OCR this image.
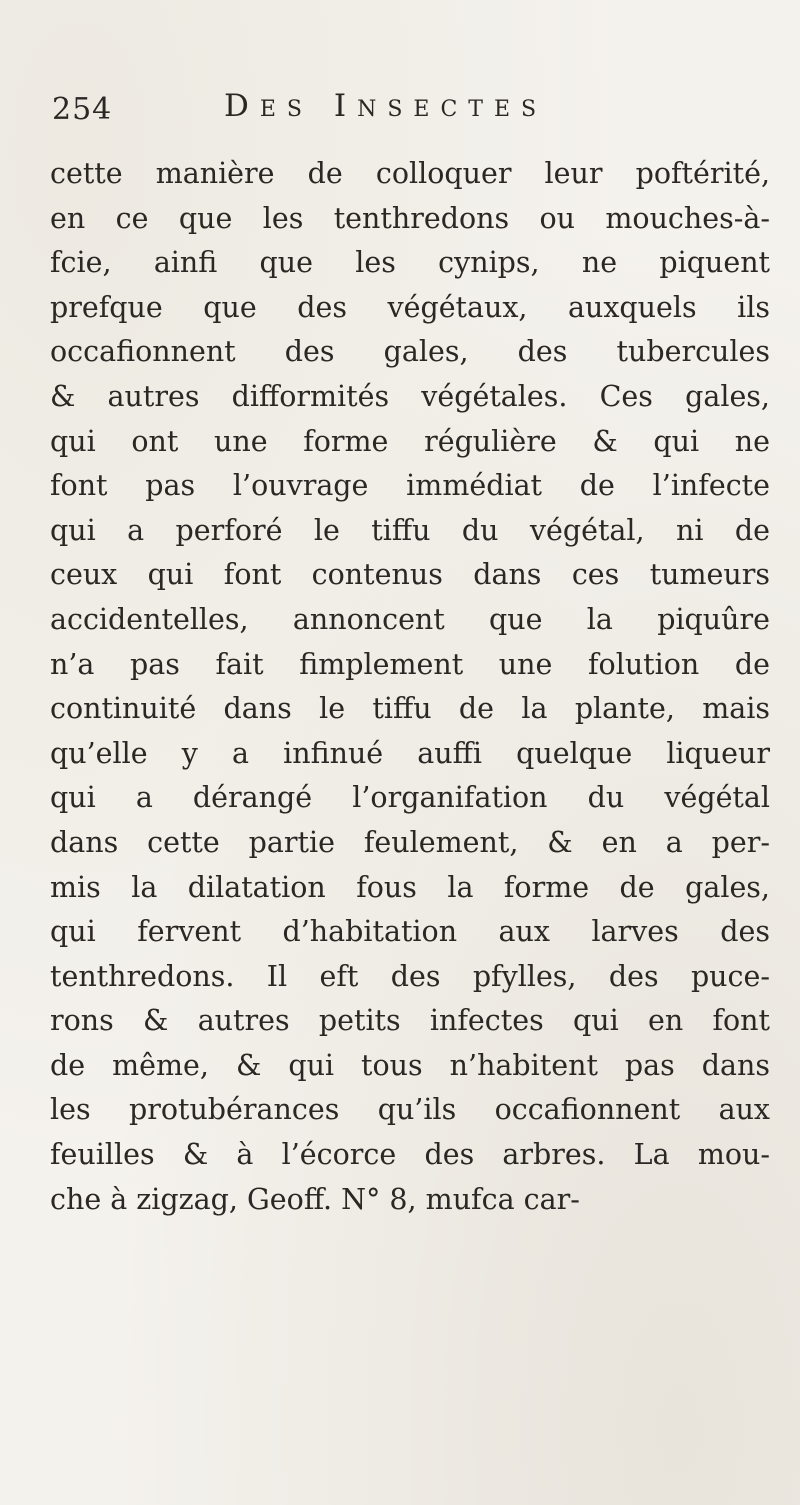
254	Des Insectes
cette manière de colloquer leur poftérité,
en ce que les tenthredons ou mouches-à-
fcie, ainfi que les cynips, ne piquent
prefque que des végétaux, auxquels ils
occafionnent des gales, des tubercules
& autres difformités végétales. Ces gales,
qui ont une forme régulière & qui ne
font pas l’ouvrage immédiat de l’infecte
qui a perforé le tiffu du végétal, ni de
ceux qui font contenus dans ces tumeurs
accidentelles, annoncent que la piquûre
n’a pas fait fimplement une folution de
continuité dans le tiffu de la plante, mais
qu’elle y a infinué auffi quelque liqueur
qui a dérangé l’organifation du végétal
dans cette partie feulement, & en a per-
mis la dilatation fous la forme de gales,
qui fervent d’habitation aux larves des
tenthredons. Il eft des pfylles, des puce-
rons & autres petits infectes qui en font
de même, & qui tous n’habitent pas dans
les protubérances qu’ils occafionnent aux
feuilles & à l’écorce des arbres. La mou-
che à zigzag, Geoff. N° 8, mufca car-
